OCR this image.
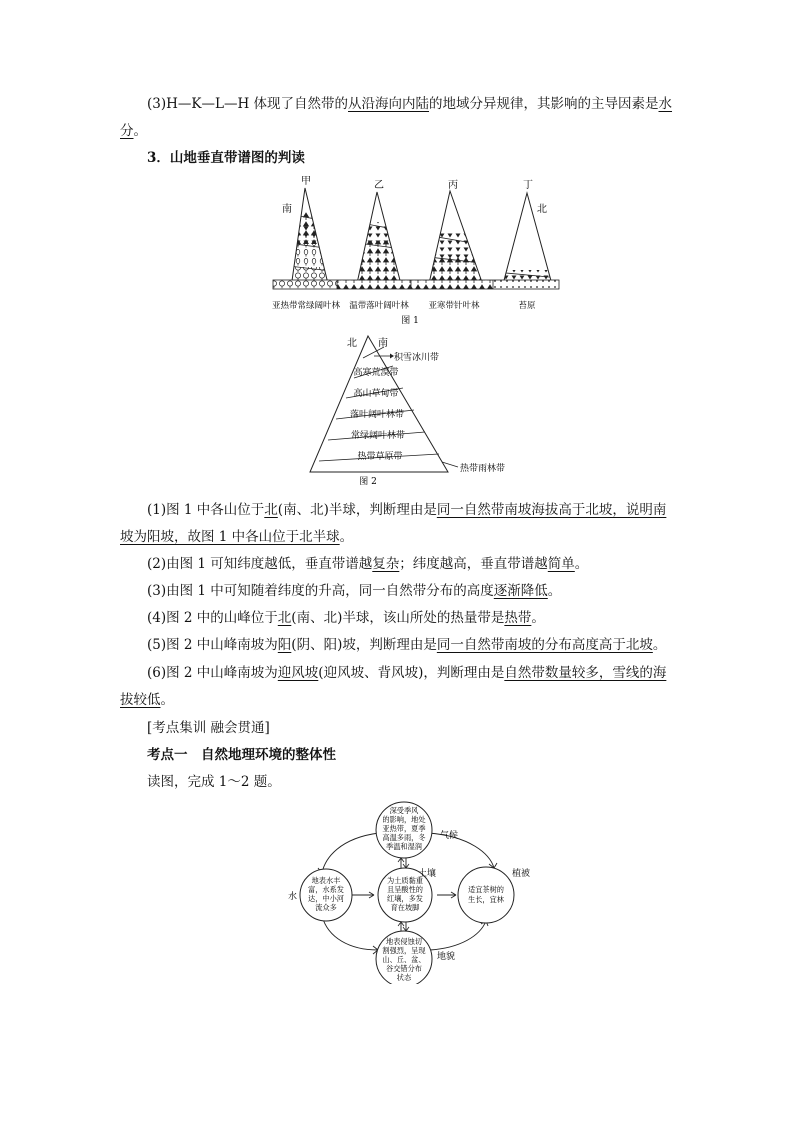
(3)H—K—L—H 体现了自然带的从沿海向内陆的地域分异规律，其影响的主导因素是水分。

3．山地垂直带谱图的判读

甲	乙	丙	丁
南	北
亚热带常绿阔叶林 温带落叶阔叶林 亚寒带针叶林	苔原
图 1
北 南
高寒荒漠带
高山草甸带
落叶阔叶林带
常绿阔叶林带
热带草原带
积雪冰川带
热带雨林带
图 2

(1)图 1 中各山位于北(南、北)半球，判断理由是同一自然带南坡海拔高于北坡，说明南坡为阳坡，故图 1 中各山位于北半球。

(2)由图 1 可知纬度越低，垂直带谱越复杂；纬度越高，垂直带谱越简单。

(3)由图 1 中可知随着纬度的升高，同一自然带分布的高度逐渐降低。

(4)图 2 中的山峰位于北(南、北)半球，该山所处的热量带是热带。

(5)图 2 中山峰南坡为阳(阴、阳)坡，判断理由是同一自然带南坡的分布高度高于北坡。

(6)图 2 中山峰南坡为迎风坡(迎风坡、背风坡)，判断理由是自然带数量较多，雪线的海拔较低。

[考点集训 融会贯通]

考点一　自然地理环境的整体性

读图，完成 1～2 题。

深受季风
的影响，地处
亚热带，夏季
高温多雨，冬
季温和湿润
地表水丰
富，水系发
达，中小河
流众多
为土质黏重
且呈酸性的
红壤，多发
育在坡脚
适宜茶树的
生长，宜林
地表侵蚀切
割强烈，呈现
山、丘、盆、
谷交错分布
状态
气候
水
土壤	植被
地貌
